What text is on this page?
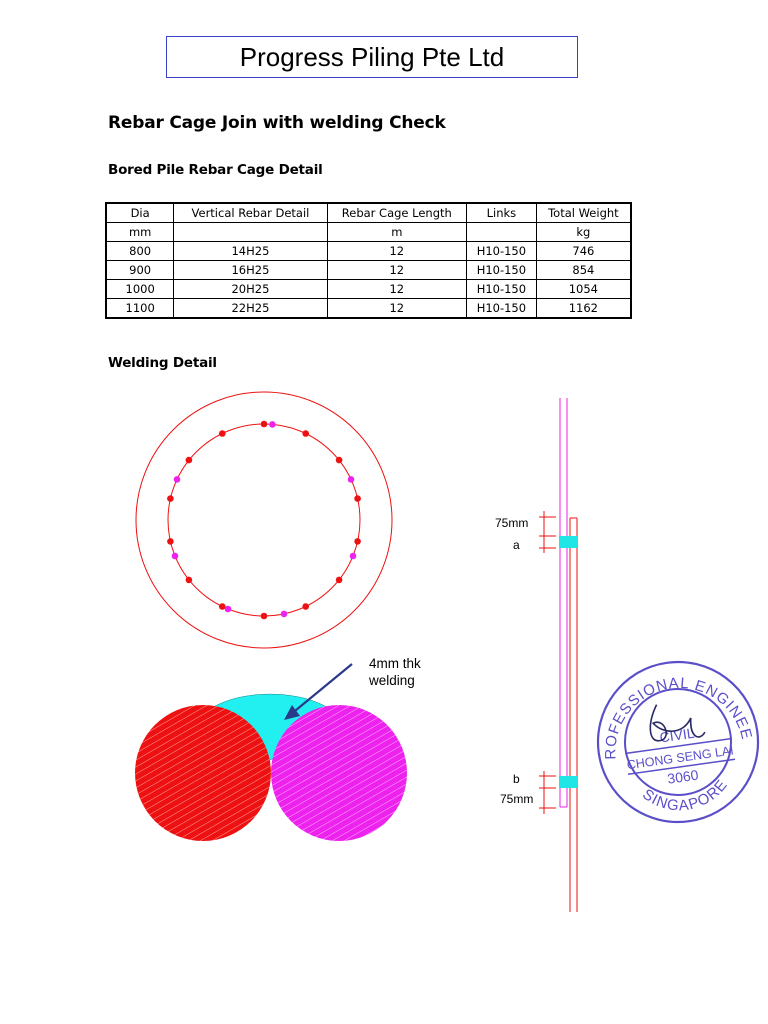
Progress Piling Pte Ltd
Rebar Cage Join with welding Check
Bored Pile Rebar Cage Detail
Dia	Vertical Rebar Detail	Rebar Cage Length	Links	Total Weight
mm		m		kg
800	14H25	12	H10-150	746
900	16H25	12	H10-150	854
1000	20H25	12	H10-150	1054
1100	22H25	12	H10-150	1162
Welding Detail
4mm thk
welding
75mm
a
b
75mm
PROFESSIONAL ENGINEER
SINGAPORE
CIVIL
CHONG SENG LAI
3060
